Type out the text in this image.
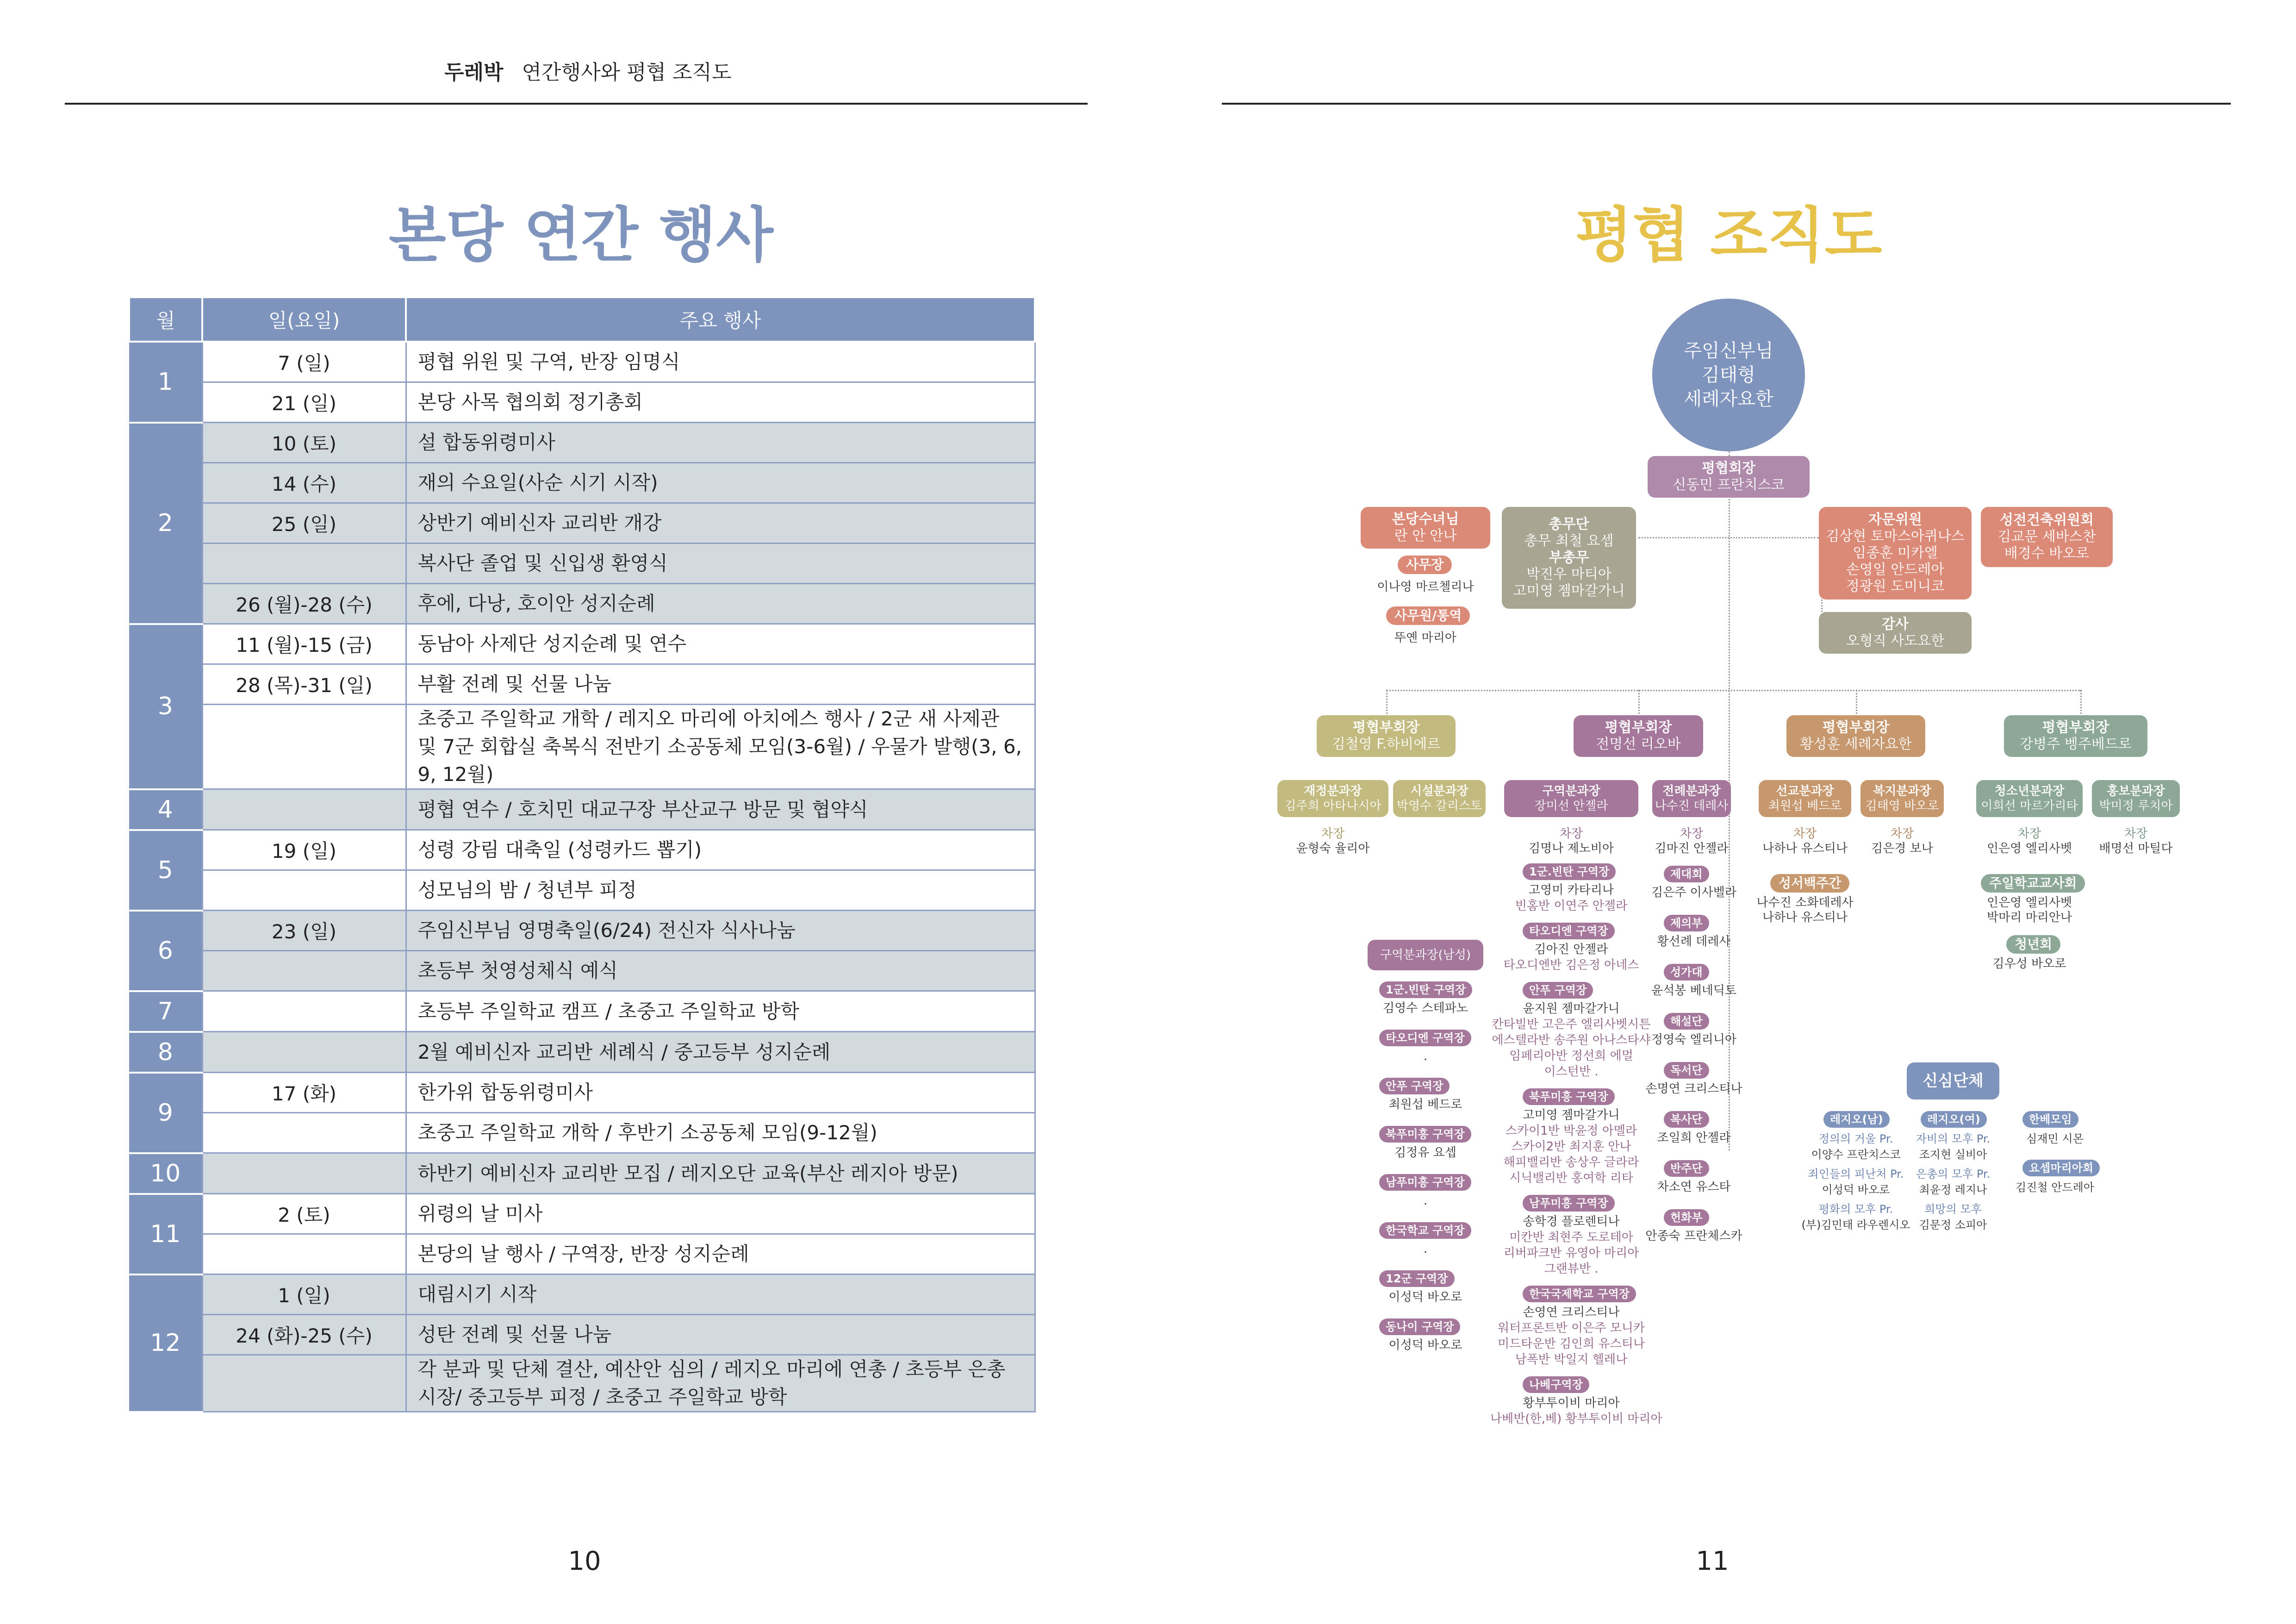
두레박 연간행사와 평협 조직도
본당 연간 행사
월	일(요일)	주요 행사
1	7 (일)	평협 위원 및 구역, 반장 임명식
	21 (일)	본당 사목 협의회 정기총회
2	10 (토)	설 합동위령미사
	14 (수)	재의 수요일(사순 시기 시작)
	25 (일)	상반기 예비신자 교리반 개강
		복사단 졸업 및 신입생 환영식
	26 (월)-28 (수)	후에, 다낭, 호이안 성지순례
3	11 (월)-15 (금)	동남아 사제단 성지순례 및 연수
	28 (목)-31 (일)	부활 전례 및 선물 나눔
		초중고 주일학교 개학 / 레지오 마리에 아치에스 행사 / 2군 새 사제관 및 7군 회합실 축복식 전반기 소공동체 모임(3-6월) / 우물가 발행(3, 6, 9, 12월)
4		평협 연수 / 호치민 대교구장 부산교구 방문 및 협약식
5	19 (일)	성령 강림 대축일 (성령카드 뽑기)
		성모님의 밤 / 청년부 피정
6	23 (일)	주임신부님 영명축일(6/24) 전신자 식사나눔
		초등부 첫영성체식 예식
7		초등부 주일학교 캠프 / 초중고 주일학교 방학
8		2월 예비신자 교리반 세례식 / 중고등부 성지순례
9	17 (화)	한가위 합동위령미사
		초중고 주일학교 개학 / 후반기 소공동체 모임(9-12월)
10		하반기 예비신자 교리반 모집 / 레지오단 교육(부산 레지아 방문)
11	2 (토)	위령의 날 미사
		본당의 날 행사 / 구역장, 반장 성지순례
12	1 (일)	대림시기 시작
	24 (화)-25 (수)	성탄 전례 및 선물 나눔
		각 분과 및 단체 결산, 예산안 심의 / 레지오 마리에 연총 / 초등부 은총시장/ 중고등부 피정 / 초중고 주일학교 방학
10
평협 조직도
주임신부님
김태형
세례자요한
평협회장
신동민 프란치스코
본당수녀님
란 안 안나
사무장
이나영 마르첼리나
사무원/통역
뚜옌 마리아
총무단
총무 최철 요셉
부총무
박진우 마티아
고미영 젬마갈가니
자문위원
김상현 토마스아퀴나스
임종훈 미카엘
손영일 안드레아
정광원 도미니코
성전건축위원회
김교문 세바스찬
배경수 바오로
감사
오형직 사도요한
평협부회장
김철영 F.하비에르
평협부회장
전명선 리오바
평협부회장
황성훈 세례자요한
평협부회장
강병주 벵주베드로
재정분과장
김주희 아타나시아
시설분과장
박영수 갈리스토
구역분과장
장미선 안젤라
전례분과장
나수진 데레사
선교분과장
최원섭 베드로
복지분과장
김태영 바오로
청소년분과장
이희선 마르가리타
홍보분과장
박미정 루치아
차장
윤형숙 율리아
차장
김명나 제노비아
차장
김마진 안젤라
차장
나하나 유스티나
차장
김은경 보나
차장
인은영 엘리사벳
차장
배명선 마틸다
구역분과장(남성)
1군.빈탄 구역장
김영수 스테파노
타오디엔 구역장
.
안푸 구역장
최원섭 베드로
북푸미흥 구역장
김정유 요셉
남푸미흥 구역장
.
한국학교 구역장
.
12군 구역장
이성덕 바오로
동나이 구역장
이성덕 바오로
1군.빈탄 구역장
고영미 카타리나
빈홈반 이연주 안젤라
타오디엔 구역장
김아진 안젤라
타오디엔반 김은정 아네스
안푸 구역장
윤지원 젬마갈가니
칸타빌반 고은주 엘리사벳시튼
에스텔라반 송주원 아나스타샤
임페리아반 정선희 에멀
이스턴반 .
북푸미흥 구역장
고미영 젬마갈가니
스카이1반 박윤정 아멜라
스카이2반 최지훈 안나
해피밸리반 송상우 글라라
시닉밸리반 홍여학 리타
남푸미흥 구역장
송학경 플로렌티나
미칸반 최현주 도로테아
리버파크반 유영아 마리아
그랜뷰반 .
한국국제학교 구역장
손영연 크리스티나
워터프론트반 이은주 모니카
미드타운반 김인희 유스티나
남폭반 박일지 헬레나
나베구역장
황부투이비 마리아
나베반(한,베) 황부투이비 마리아
제대회
김은주 이사벨라
제의부
황선례 데레사
성가대
윤석봉 베네딕토
해설단
정영숙 엘리니아
독서단
손명연 크리스티나
복사단
조일희 안젤라
반주단
차소연 유스타
헌화부
안종숙 프란체스카
성서백주간
나수진 소화데레사
나하나 유스티나
주일학교교사회
인은영 엘리사벳
박마리 마리안나
청년회
김우성 바오로
신심단체
레지오(남)
정의의 거울 Pr.
이양수 프란치스코
죄인들의 피난처 Pr.
이성덕 바오로
평화의 모후 Pr.
(부)김민태 라우렌시오
레지오(여)
자비의 모후 Pr.
조지현 실비아
은총의 모후 Pr.
최윤정 레지나
희망의 모후
김문정 소피아
한베모임
심재민 시몬
요셉마리아회
김진철 안드레아
11
